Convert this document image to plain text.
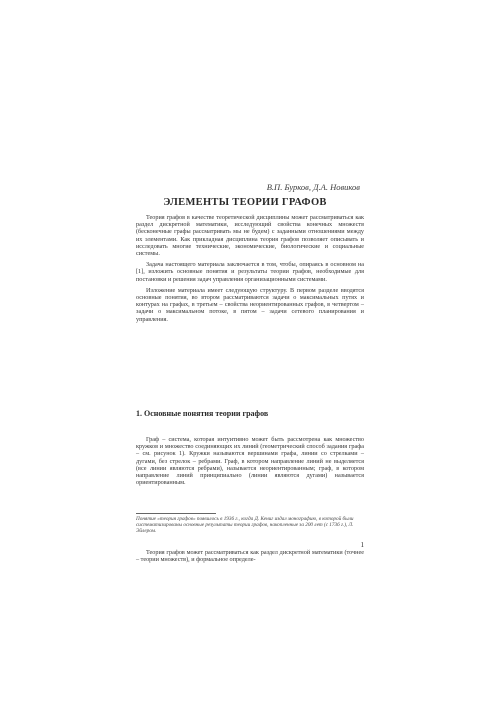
В.П. Бурков, Д.А. Новиков
ЭЛЕМЕНТЫ ТЕОРИИ ГРАФОВ

Теория графов в качестве теоретической дисциплины может рассматриваться как раздел дискретной математики, исследующий свойства конечных множеств (бесконечные графы рассматривать мы не будем) с заданными отношениями между их элементами. Как прикладная дисциплина теория графов позволяет описывать и исследовать многие технические, экономические, биологические и социальные системы.

Задача настоящего материала заключается в том, чтобы, опираясь в основном на [1], изложить основные понятия и результаты теории графов, необходимые для постановки и решения задач управления организационными системами.

Изложение материала имеет следующую структуру. В первом разделе вводятся основные понятия, во втором рассматриваются задачи о максимальных путях и контурах на графах, в третьем – свойства неориентированных графов, в четвертом – задачи о максимальном потоке, в пятом – задачи сетевого планирования и управления.

1. Основные понятия теории графов

Граф – система, которая интуитивно может быть рассмотрена как множество кружков и множество соединяющих их линий (геометрический способ задания графа – см. рисунок 1). Кружки называются вершинами графа, линии со стрелками – дугами, без стрелок – ребрами. Граф, в котором направление линий не выделяется (все линии являются ребрами), называется неориентированным; граф, в котором направление линий принципиально (линии являются дугами) называется ориентированным.

Понятие «теория графов» появилось в 1936 г., когда Д. Кениг издал монографию, в которой были систематизированы основные результаты теории графов, накопленные за 200 лет (с 1736 г.), Л. Эйлером.
1

Теория графов может рассматриваться как раздел дискретной математики (точнее – теории множеств), и формальное определе-
